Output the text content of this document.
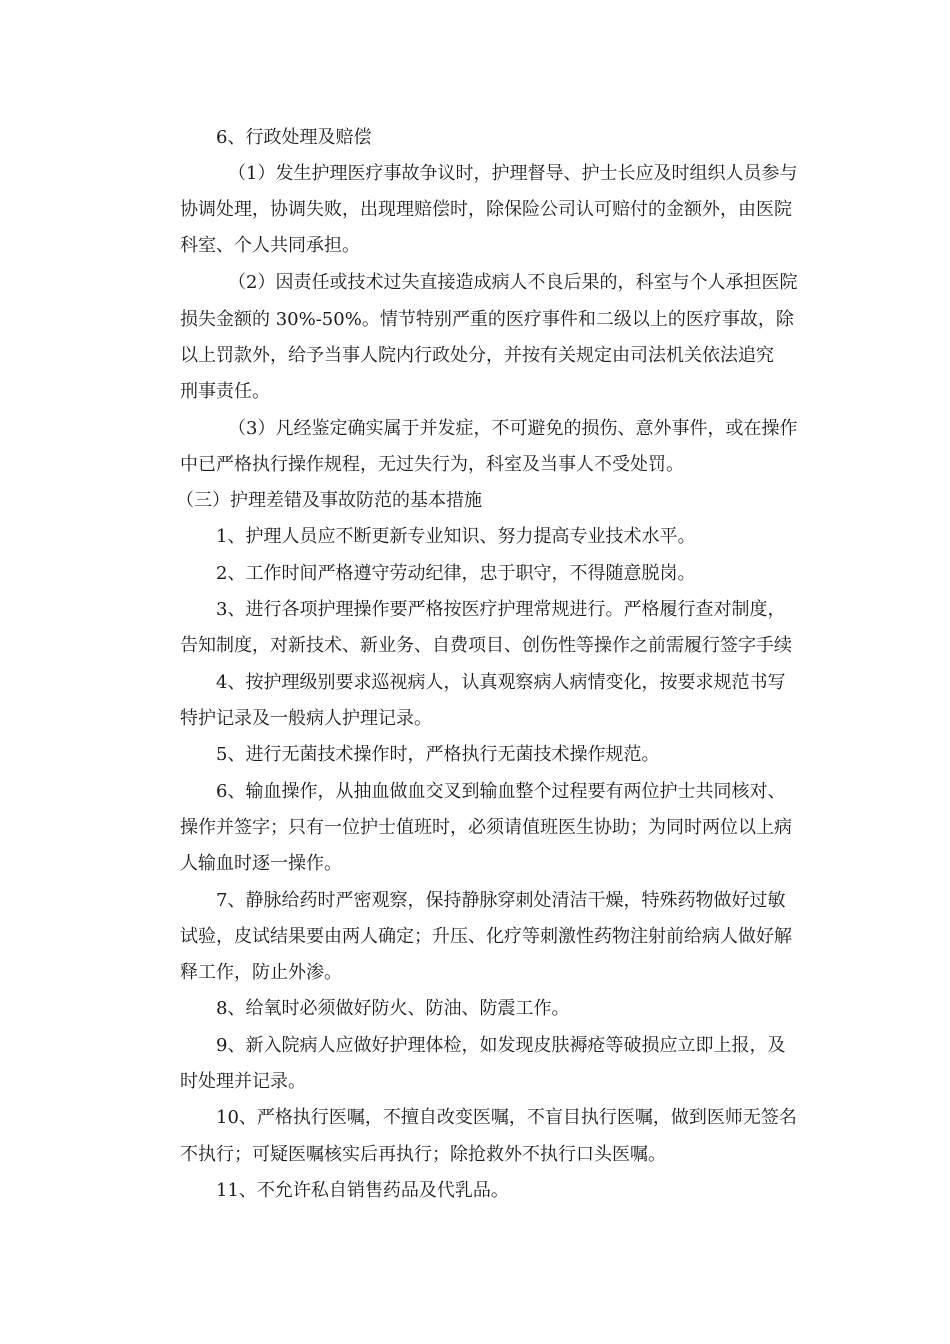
6、行政处理及赔偿
（1）发生护理医疗事故争议时，护理督导、护士长应及时组织人员参与
协调处理，协调失败，出现理赔偿时，除保险公司认可赔付的金额外，由医院
科室、个人共同承担。
（2）因责任或技术过失直接造成病人不良后果的，科室与个人承担医院
损失金额的 30%-50%。情节特别严重的医疗事件和二级以上的医疗事故，除
以上罚款外，给予当事人院内行政处分，并按有关规定由司法机关依法追究
刑事责任。
（3）凡经鉴定确实属于并发症，不可避免的损伤、意外事件，或在操作
中已严格执行操作规程，无过失行为，科室及当事人不受处罚。
（三）护理差错及事故防范的基本措施
1、护理人员应不断更新专业知识、努力提高专业技术水平。
2、工作时间严格遵守劳动纪律，忠于职守，不得随意脱岗。
3、进行各项护理操作要严格按医疗护理常规进行。严格履行查对制度，
告知制度，对新技术、新业务、自费项目、创伤性等操作之前需履行签字手续
4、按护理级别要求巡视病人，认真观察病人病情变化，按要求规范书写
特护记录及一般病人护理记录。
5、进行无菌技术操作时，严格执行无菌技术操作规范。
6、输血操作，从抽血做血交叉到输血整个过程要有两位护士共同核对、
操作并签字；只有一位护士值班时，必须请值班医生协助；为同时两位以上病
人输血时逐一操作。
7、静脉给药时严密观察，保持静脉穿刺处清洁干燥，特殊药物做好过敏
试验，皮试结果要由两人确定；升压、化疗等刺激性药物注射前给病人做好解
释工作，防止外渗。
8、给氧时必须做好防火、防油、防震工作。
9、新入院病人应做好护理体检，如发现皮肤褥疮等破损应立即上报，及
时处理并记录。
10、严格执行医嘱，不擅自改变医嘱，不盲目执行医嘱，做到医师无签名
不执行；可疑医嘱核实后再执行；除抢救外不执行口头医嘱。
11、不允许私自销售药品及代乳品。
